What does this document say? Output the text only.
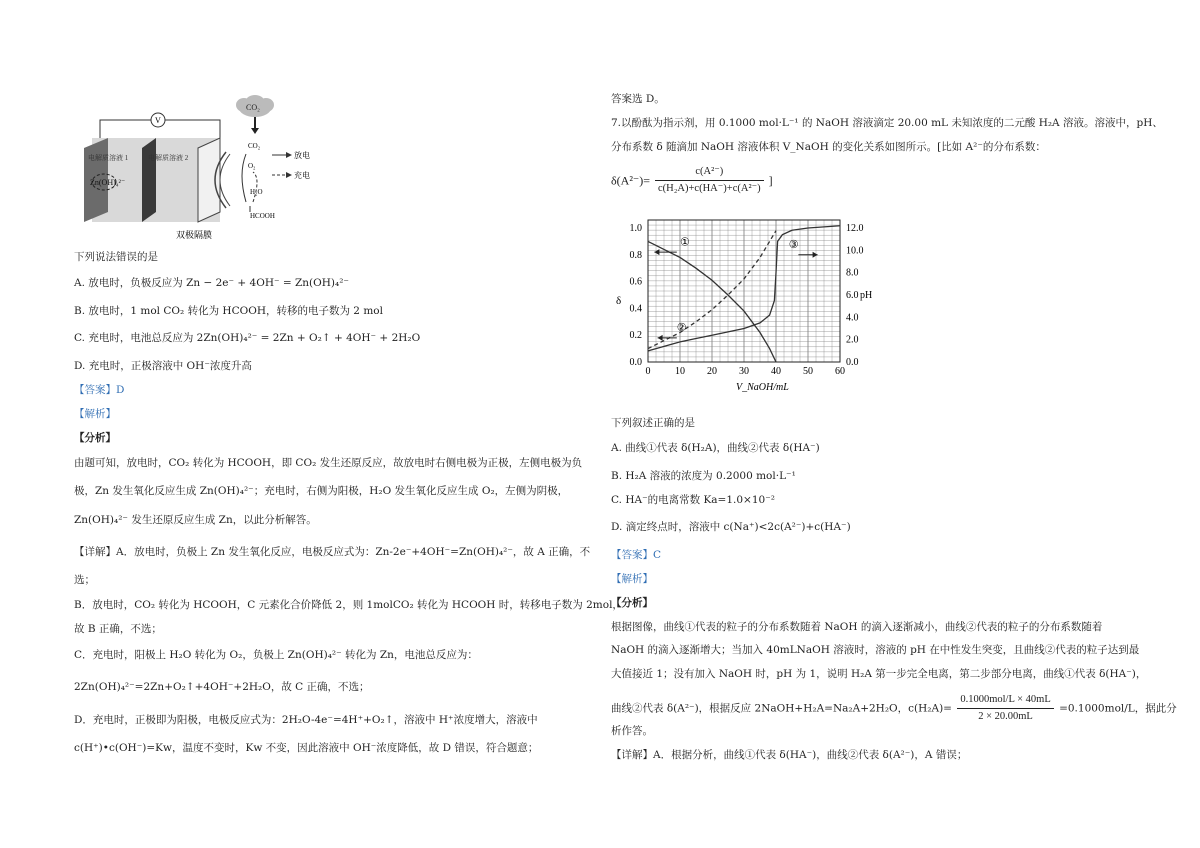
CO₂
V
电解质溶液 1	电解质溶液 2
Zn(OH)₄²⁻
CO₂
O₂
H₂O
HCOOH
放电
充电
双极隔膜
下列说法错误的是
A. 放电时，负极反应为 Zn − 2e⁻ + 4OH⁻ = Zn(OH)₄²⁻
B. 放电时，1 mol CO₂ 转化为 HCOOH，转移的电子数为 2 mol
C. 充电时，电池总反应为 2Zn(OH)₄²⁻ = 2Zn + O₂↑ + 4OH⁻ + 2H₂O
D. 充电时，正极溶液中 OH⁻浓度升高
【答案】D
【解析】
【分析】
由题可知，放电时，CO₂ 转化为 HCOOH，即 CO₂ 发生还原反应，故放电时右侧电极为正极，左侧电极为负
极，Zn 发生氧化反应生成 Zn(OH)₄²⁻；充电时，右侧为阳极，H₂O 发生氧化反应生成 O₂，左侧为阴极，
Zn(OH)₄²⁻ 发生还原反应生成 Zn，以此分析解答。
【详解】A．放电时，负极上 Zn 发生氧化反应，电极反应式为：Zn-2e⁻+4OH⁻=Zn(OH)₄²⁻，故 A 正确，不
选；
B．放电时，CO₂ 转化为 HCOOH，C 元素化合价降低 2，则 1molCO₂ 转化为 HCOOH 时，转移电子数为 2mol，
故 B 正确，不选；
C．充电时，阳极上 H₂O 转化为 O₂，负极上 Zn(OH)₄²⁻ 转化为 Zn，电池总反应为：
2Zn(OH)₄²⁻=2Zn+O₂↑+4OH⁻+2H₂O，故 C 正确，不选；
D．充电时，正极即为阳极，电极反应式为：2H₂O-4e⁻=4H⁺+O₂↑，溶液中 H⁺浓度增大，溶液中
c(H⁺)•c(OH⁻)=Kw，温度不变时，Kw 不变，因此溶液中 OH⁻浓度降低，故 D 错误，符合题意；
答案选 D。
7.以酚酞为指示剂，用 0.1000 mol·L⁻¹ 的 NaOH 溶液滴定 20.00 mL 未知浓度的二元酸 H₂A 溶液。溶液中，pH、
分布系数 δ 随滴加 NaOH 溶液体积 V_NaOH 的变化关系如图所示。[比如 A²⁻的分布系数：
$\delta(A^{2-})= \frac{\text{c(A²⁻)}}{\text{c(H₂A)+c(HA⁻)+c(A²⁻)}}$ ]
0 10 20 30 40 50 60
0.0
0.2
0.4
0.6
0.8
1.0
0.0
2.0
4.0
6.0
8.0
10.0
12.0
δ	pH
V_NaOH/mL
①
②
③
下列叙述正确的是
A. 曲线①代表 δ(H₂A)，曲线②代表 δ(HA⁻)
B. H₂A 溶液的浓度为 0.2000 mol·L⁻¹
C. HA⁻的电离常数 Ka=1.0×10⁻²
D. 滴定终点时，溶液中 c(Na⁺)<2c(A²⁻)+c(HA⁻)
【答案】C
【解析】
【分析】
根据图像，曲线①代表的粒子的分布系数随着 NaOH 的滴入逐渐减小，曲线②代表的粒子的分布系数随着
NaOH 的滴入逐渐增大；当加入 40mLNaOH 溶液时，溶液的 pH 在中性发生突变，且曲线②代表的粒子达到最
大值接近 1；没有加入 NaOH 时，pH 为 1，说明 H₂A 第一步完全电离，第二步部分电离，曲线①代表 δ(HA⁻)，
曲线②代表 δ(A²⁻)，根据反应 2NaOH+H₂A=Na₂A+2H₂O，$c(H_2A)= \frac{\text{0.1000mol/L × 40mL}}{2 \times 20.00mL} =0.1000mol/L$，据此分
析作答。
【详解】A．根据分析，曲线①代表 δ(HA⁻)，曲线②代表 δ(A²⁻)，A 错误；
